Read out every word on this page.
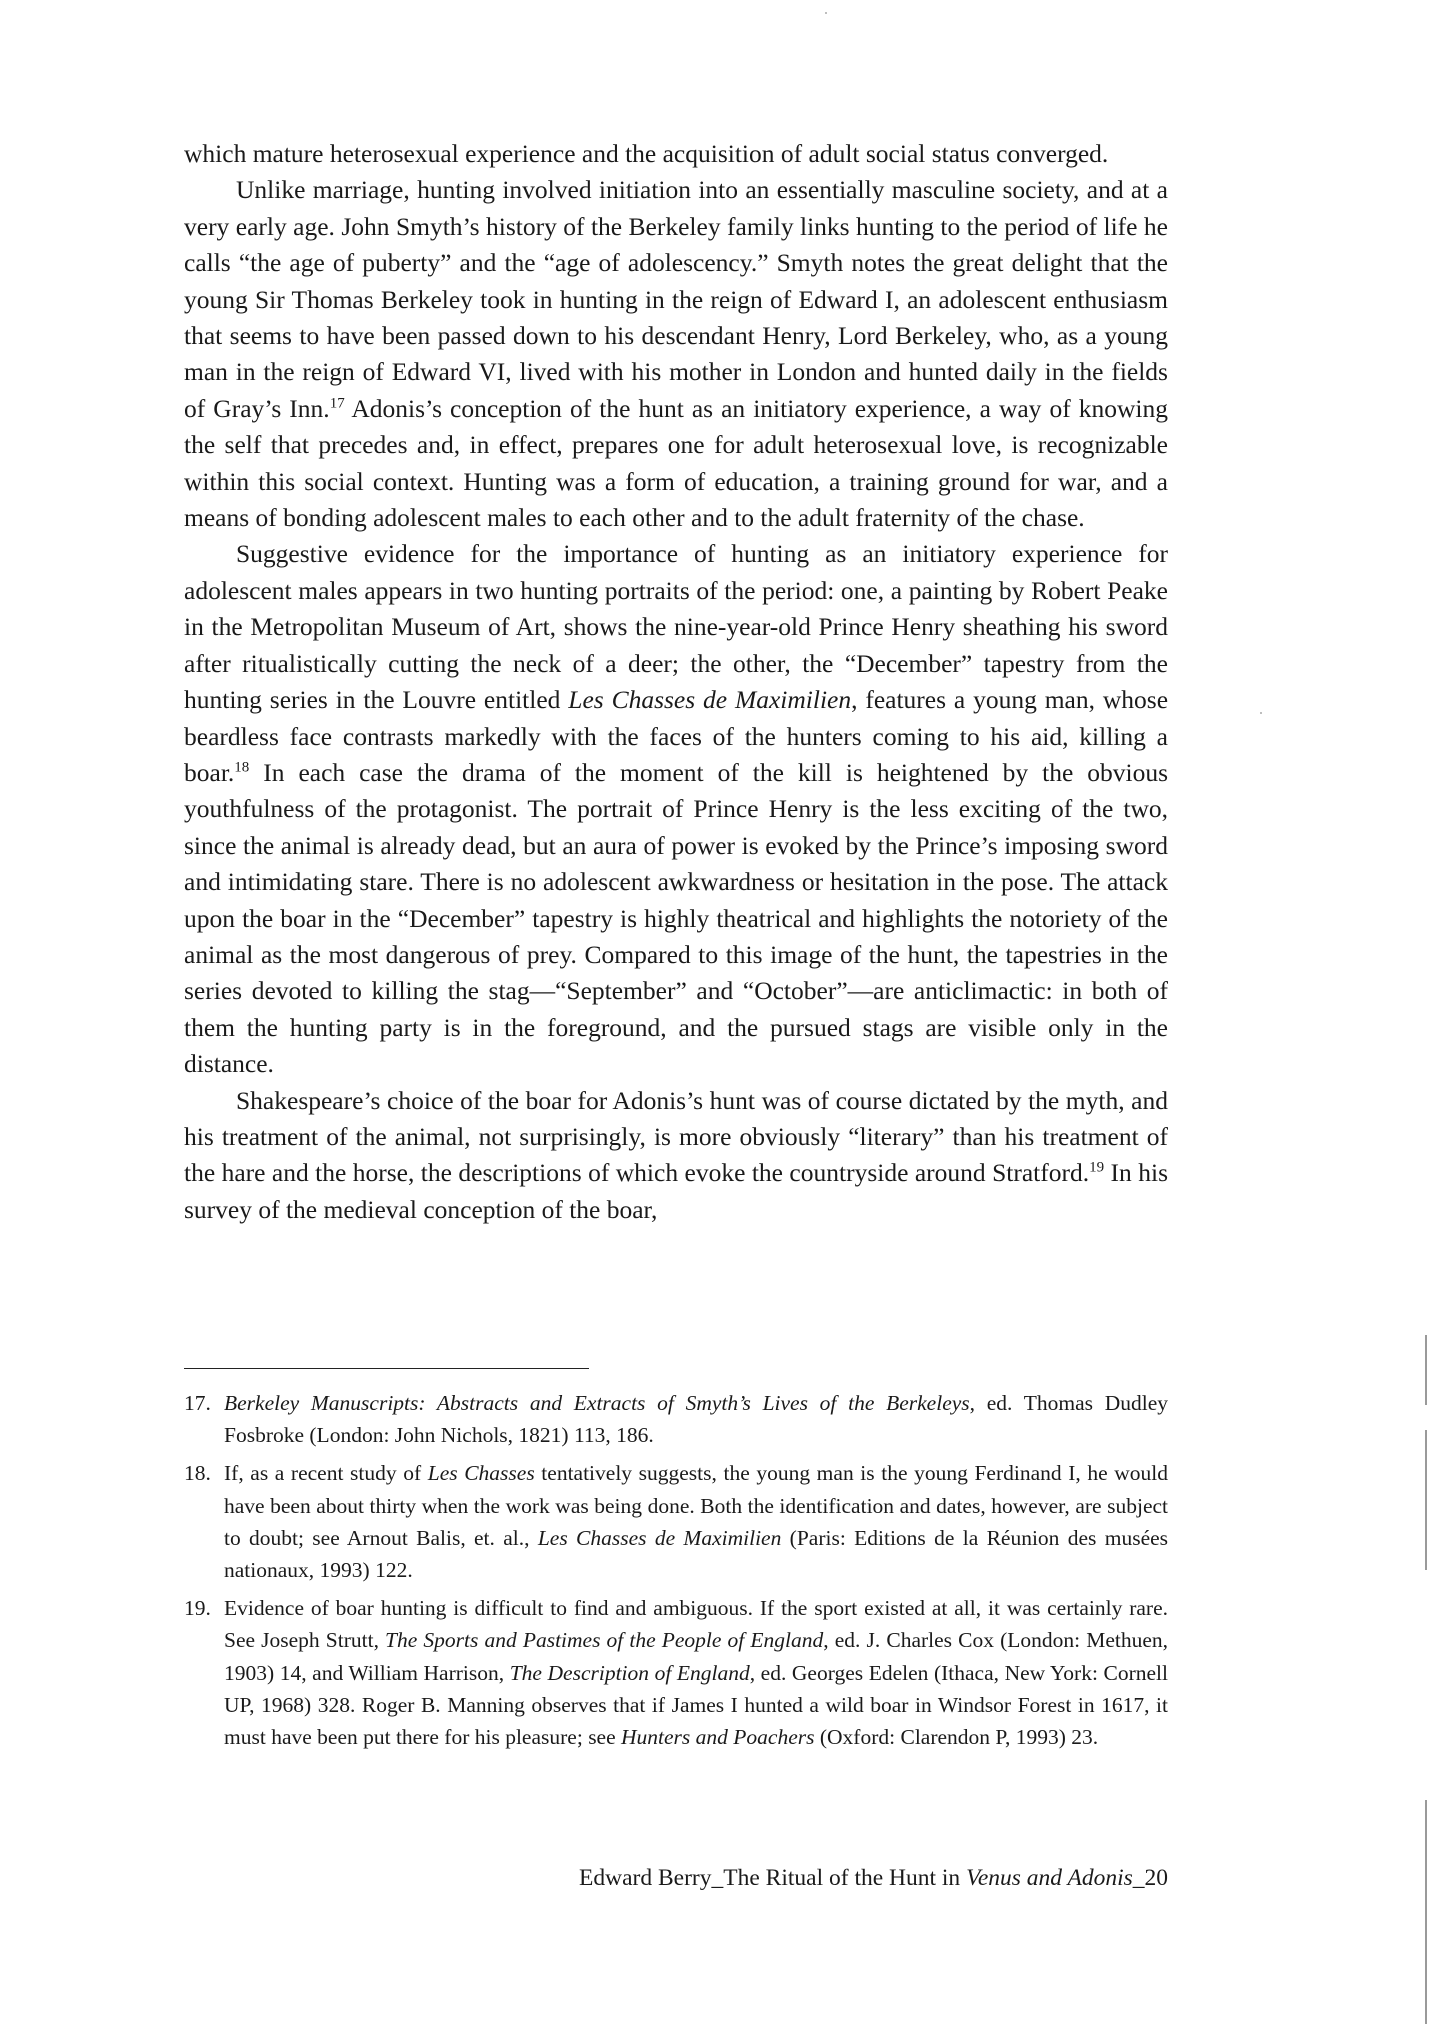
which mature heterosexual experience and the acquisition of adult social status converged.

Unlike marriage, hunting involved initiation into an essentially masculine society, and at a very early age. John Smyth’s history of the Berkeley family links hunting to the period of life he calls “the age of puberty” and the “age of adolescency.” Smyth notes the great delight that the young Sir Thomas Berkeley took in hunting in the reign of Edward I, an adolescent enthusiasm that seems to have been passed down to his descendant Henry, Lord Berkeley, who, as a young man in the reign of Edward VI, lived with his mother in London and hunted daily in the fields of Gray’s Inn.$^{17}$ Adonis’s conception of the hunt as an initiatory experience, a way of knowing the self that precedes and, in effect, prepares one for adult heterosexual love, is recognizable within this social context. Hunting was a form of education, a training ground for war, and a means of bonding adolescent males to each other and to the adult fraternity of the chase.

Suggestive evidence for the importance of hunting as an initiatory experience for adolescent males appears in two hunting portraits of the period: one, a painting by Robert Peake in the Metropolitan Museum of Art, shows the nine-year-old Prince Henry sheathing his sword after ritualistically cutting the neck of a deer; the other, the “December” tapestry from the hunting series in the Louvre entitled Les Chasses de Maximilien, features a young man, whose beardless face contrasts markedly with the faces of the hunters coming to his aid, killing a boar.$^{18}$ In each case the drama of the moment of the kill is heightened by the obvious youthfulness of the protagonist. The portrait of Prince Henry is the less exciting of the two, since the animal is already dead, but an aura of power is evoked by the Prince’s imposing sword and intimidating stare. There is no adolescent awkwardness or hesitation in the pose. The attack upon the boar in the “December” tapestry is highly theatrical and highlights the notoriety of the animal as the most dangerous of prey. Compared to this image of the hunt, the tapestries in the series devoted to killing the stag—“September” and “October”—are anticlimactic: in both of them the hunting party is in the foreground, and the pursued stags are visible only in the distance.

Shakespeare’s choice of the boar for Adonis’s hunt was of course dictated by the myth, and his treatment of the animal, not surprisingly, is more obviously “literary” than his treatment of the hare and the horse, the descriptions of which evoke the countryside around Stratford.$^{19}$ In his survey of the medieval conception of the boar,

17. Berkeley Manuscripts: Abstracts and Extracts of Smyth’s Lives of the Berkeleys, ed. Thomas Dudley Fosbroke (London: John Nichols, 1821) 113, 186.
18. If, as a recent study of Les Chasses tentatively suggests, the young man is the young Ferdinand I, he would have been about thirty when the work was being done. Both the identification and dates, however, are subject to doubt; see Arnout Balis, et. al., Les Chasses de Maximilien (Paris: Editions de la Réunion des musées nationaux, 1993) 122.
19. Evidence of boar hunting is difficult to find and ambiguous. If the sport existed at all, it was certainly rare. See Joseph Strutt, The Sports and Pastimes of the People of England, ed. J. Charles Cox (London: Methuen, 1903) 14, and William Harrison, The Description of England, ed. Georges Edelen (Ithaca, New York: Cornell UP, 1968) 328. Roger B. Manning observes that if James I hunted a wild boar in Windsor Forest in 1617, it must have been put there for his pleasure; see Hunters and Poachers (Oxford: Clarendon P, 1993) 23.
Edward Berry_The Ritual of the Hunt in Venus and Adonis_20
